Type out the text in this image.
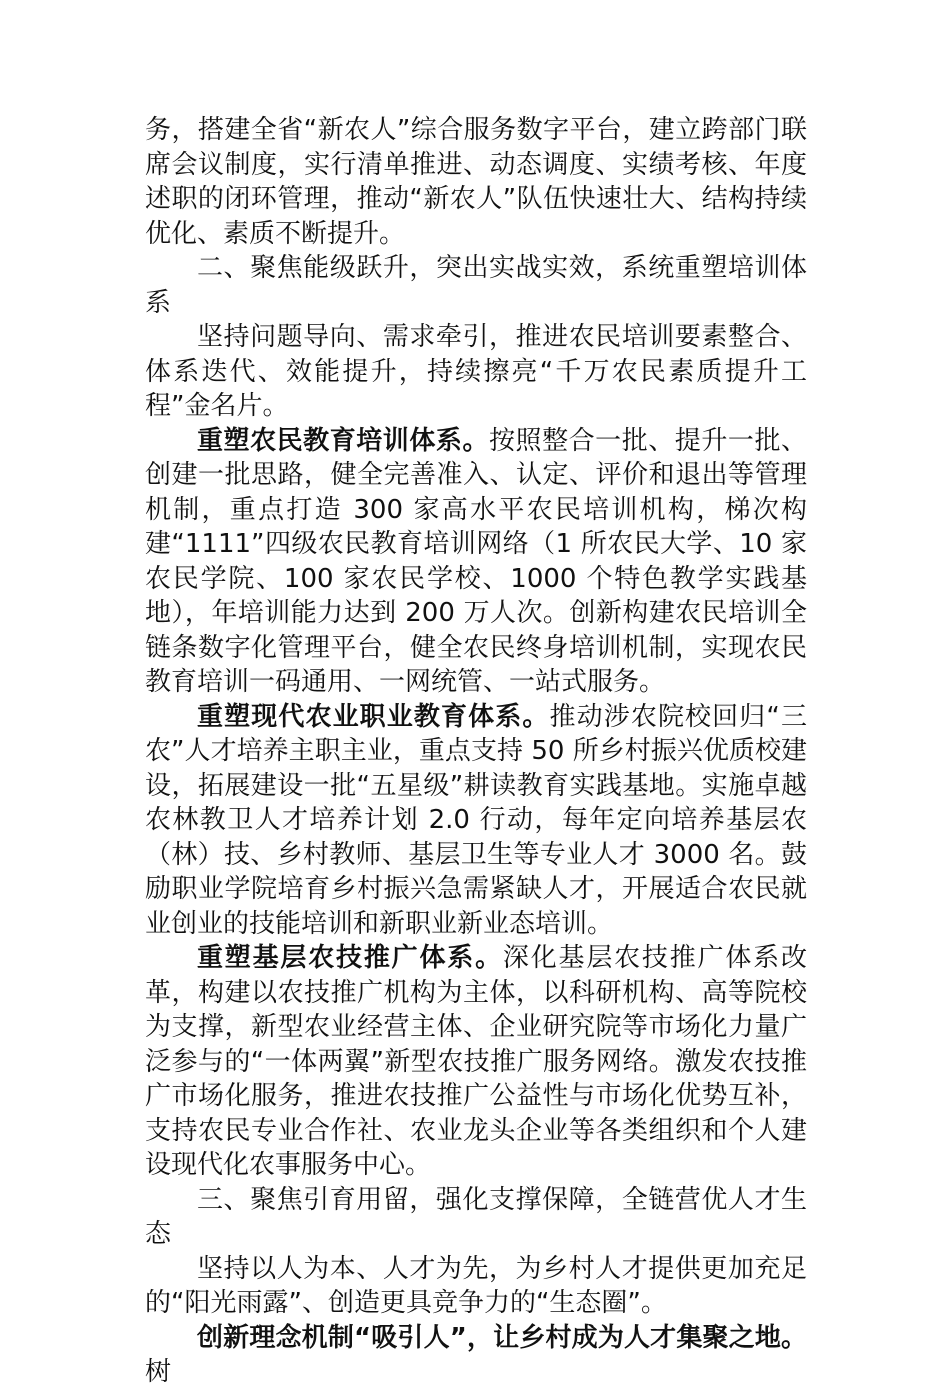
务，搭建全省“新农人”综合服务数字平台，建立跨部门联席会议制度，实行清单推进、动态调度、实绩考核、年度述职的闭环管理，推动“新农人”队伍快速壮大、结构持续优化、素质不断提升。

二、聚焦能级跃升，突出实战实效，系统重塑培训体系

坚持问题导向、需求牵引，推进农民培训要素整合、体系迭代、效能提升，持续擦亮“千万农民素质提升工程”金名片。

重塑农民教育培训体系。按照整合一批、提升一批、创建一批思路，健全完善准入、认定、评价和退出等管理机制，重点打造 300 家高水平农民培训机构，梯次构建“1111”四级农民教育培训网络（1 所农民大学、10 家农民学院、100 家农民学校、1000 个特色教学实践基地），年培训能力达到 200 万人次。创新构建农民培训全链条数字化管理平台，健全农民终身培训机制，实现农民教育培训一码通用、一网统管、一站式服务。

重塑现代农业职业教育体系。推动涉农院校回归“三农”人才培养主职主业，重点支持 50 所乡村振兴优质校建设，拓展建设一批“五星级”耕读教育实践基地。实施卓越农林教卫人才培养计划 2.0 行动，每年定向培养基层农（林）技、乡村教师、基层卫生等专业人才 3000 名。鼓励职业学院培育乡村振兴急需紧缺人才，开展适合农民就业创业的技能培训和新职业新业态培训。

重塑基层农技推广体系。深化基层农技推广体系改革，构建以农技推广机构为主体，以科研机构、高等院校为支撑，新型农业经营主体、企业研究院等市场化力量广泛参与的“一体两翼”新型农技推广服务网络。激发农技推广市场化服务，推进农技推广公益性与市场化优势互补，支持农民专业合作社、农业龙头企业等各类组织和个人建设现代化农事服务中心。

三、聚焦引育用留，强化支撑保障，全链营优人才生态

坚持以人为本、人才为先，为乡村人才提供更加充足的“阳光雨露”、创造更具竞争力的“生态圈”。

创新理念机制“吸引人”，让乡村成为人才集聚之地。树
